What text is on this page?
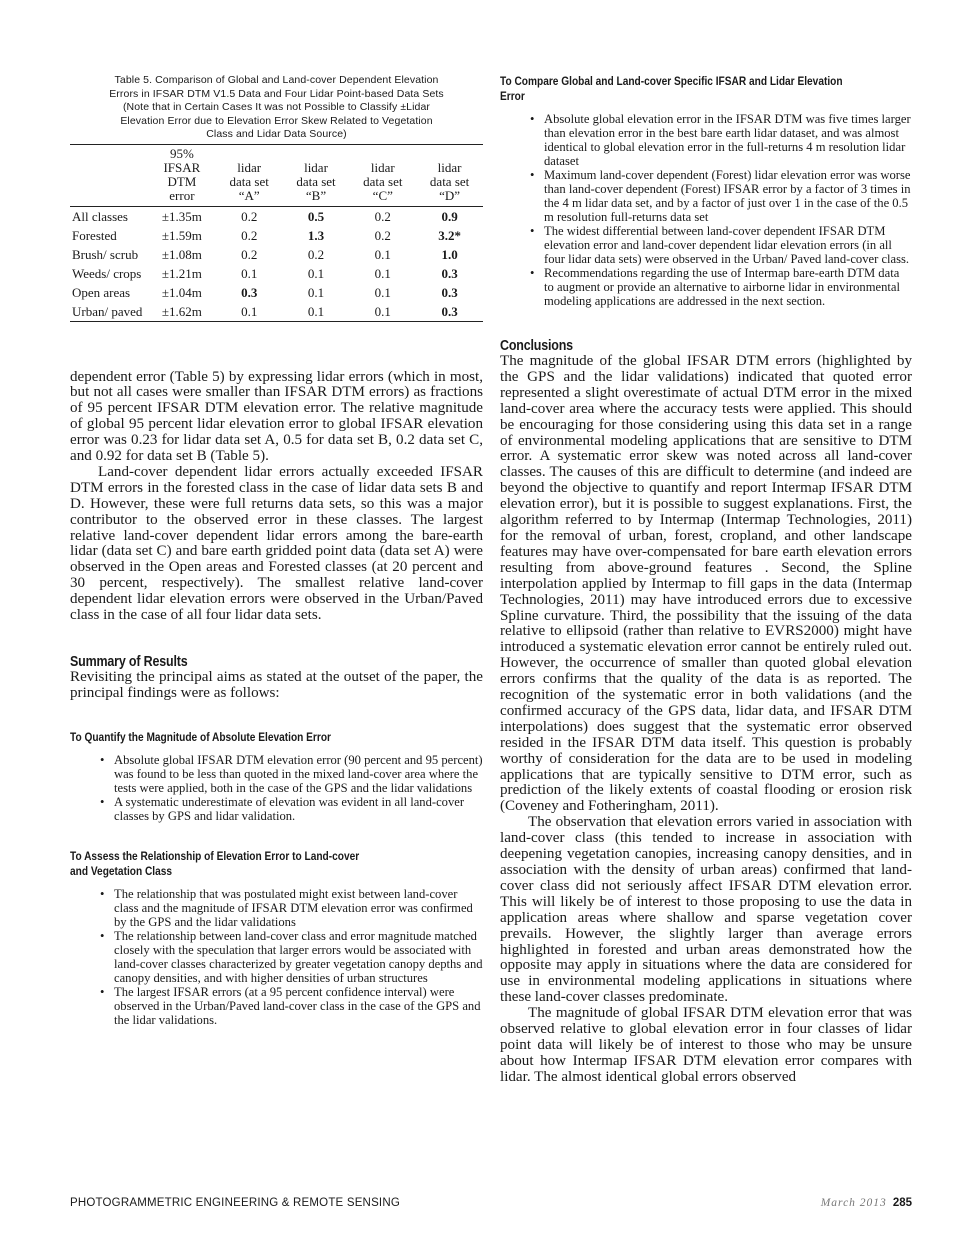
Table 5. Comparison of Global and Land-cover Dependent Elevation
Errors in IFSAR DTM V1.5 Data and Four Lidar Point-based Data Sets
(Note that in Certain Cases It was not Possible to Classify ±Lidar
Elevation Error due to Elevation Error Skew Related to Vegetation
Class and Lidar Data Source)
	95%
IFSAR
DTM
error	lidar
data set
“A”	lidar
data set
“B”	lidar
data set
“C”	lidar
data set
“D”
All classes	±1.35m	0.2	0.5	0.2	0.9
Forested	±1.59m	0.2	1.3	0.2	3.2*
Brush/ scrub	±1.08m	0.2	0.2	0.1	1.0
Weeds/ crops	±1.21m	0.1	0.1	0.1	0.3
Open areas	±1.04m	0.3	0.1	0.1	0.3
Urban/ paved	±1.62m	0.1	0.1	0.1	0.3

dependent error (Table 5) by expressing lidar errors (which in most, but not all cases were smaller than IFSAR DTM errors) as fractions of 95 percent IFSAR DTM elevation error. The relative magnitude of global 95 percent lidar elevation error to global IFSAR elevation error was 0.23 for lidar data set A, 0.5 for data set B, 0.2 data set C, and 0.92 for data set B (Table 5).

Land-cover dependent lidar errors actually exceeded IFSAR DTM errors in the forested class in the case of lidar data sets B and D. However, these were full returns data sets, so this was a major contributor to the observed error in these classes. The largest relative land-cover dependent lidar errors among the bare-earth lidar (data set C) and bare earth gridded point data (data set A) were observed in the Open areas and Forested classes (at 20 percent and 30 percent, respectively). The smallest relative land-cover dependent lidar elevation errors were observed in the Urban/Paved class in the case of all four lidar data sets.

Summary of Results

Revisiting the principal aims as stated at the outset of the paper, the principal findings were as follows:

To Quantify the Magnitude of Absolute Elevation Error
• Absolute global IFSAR DTM elevation error (90 percent and 95 percent) was found to be less than quoted in the mixed land-cover area where the tests were applied, both in the case of the GPS and the lidar validations
• A systematic underestimate of elevation was evident in all land-cover classes by GPS and lidar validation.
To Assess the Relationship of Elevation Error to Land-cover
and Vegetation Class
• The relationship that was postulated might exist between land-cover class and the magnitude of IFSAR DTM elevation error was confirmed by the GPS and the lidar validations
• The relationship between land-cover class and error magnitude matched closely with the speculation that larger errors would be associated with land-cover classes characterized by greater vegetation canopy depths and canopy densities, and with higher densities of urban structures
• The largest IFSAR errors (at a 95 percent confidence interval) were observed in the Urban/Paved land-cover class in the case of the GPS and the lidar validations.
To Compare Global and Land-cover Specific IFSAR and Lidar Elevation Error
• Absolute global elevation error in the IFSAR DTM was five times larger than elevation error in the best bare earth lidar dataset, and was almost identical to global elevation error in the full-returns 4 m resolution lidar dataset
• Maximum land-cover dependent (Forest) lidar elevation error was worse than land-cover dependent (Forest) IFSAR error by a factor of 3 times in the 4 m lidar data set, and by a factor of just over 1 in the case of the 0.5 m resolution full-returns data set
• The widest differential between land-cover dependent IFSAR DTM elevation error and land-cover dependent lidar elevation errors (in all four lidar data sets) were observed in the Urban/ Paved land-cover class.
• Recommendations regarding the use of Intermap bare-earth DTM data to augment or provide an alternative to airborne lidar in environmental modeling applications are addressed in the next section.
Conclusions

The magnitude of the global IFSAR DTM errors (highlighted by the GPS and the lidar validations) indicated that quoted error represented a slight overestimate of actual DTM error in the mixed land-cover area where the accuracy tests were applied. This should be encouraging for those considering using this data set in a range of environmental modeling applications that are sensitive to DTM error. A systematic error skew was noted across all land-cover classes. The causes of this are difficult to determine (and indeed are beyond the objective to quantify and report Intermap IFSAR DTM elevation error), but it is possible to suggest explanations. First, the algorithm referred to by Intermap (Intermap Technologies, 2011) for the removal of urban, forest, cropland, and other landscape features may have over-compensated for bare earth elevation errors resulting from above-ground features . Second, the Spline interpolation applied by Intermap to fill gaps in the data (Intermap Technologies, 2011) may have introduced errors due to excessive Spline curvature. Third, the possibility that the issuing of the data relative to ellipsoid (rather than relative to EVRS2000) might have introduced a systematic elevation error cannot be entirely ruled out. However, the occurrence of smaller than quoted global elevation errors confirms that the quality of the data is as reported. The recognition of the systematic error in both validations (and the confirmed accuracy of the GPS data, lidar data, and IFSAR DTM interpolations) does suggest that the systematic error observed resided in the IFSAR DTM data itself. This question is probably worthy of consideration for the data are to be used in modeling applications that are typically sensitive to DTM error, such as prediction of the likely extents of coastal flooding or erosion risk (Coveney and Fotheringham, 2011).

The observation that elevation errors varied in association with land-cover class (this tended to increase in association with deepening vegetation canopies, increasing canopy densities, and in association with the density of urban areas) confirmed that land-cover class did not seriously affect IFSAR DTM elevation error. This will likely be of interest to those proposing to use the data in application areas where shallow and sparse vegetation cover prevails. However, the slightly larger than average errors highlighted in forested and urban areas demonstrated how the opposite may apply in situations where the data are considered for use in environmental modeling applications in situations where these land-cover classes predominate.

The magnitude of global IFSAR DTM elevation error that was observed relative to global elevation error in four classes of lidar point data will likely be of interest to those who may be unsure about how Intermap IFSAR DTM elevation error compares with lidar. The almost identical global errors observed

PHOTOGRAMMETRIC ENGINEERING & REMOTE SENSING	March 2013 285
